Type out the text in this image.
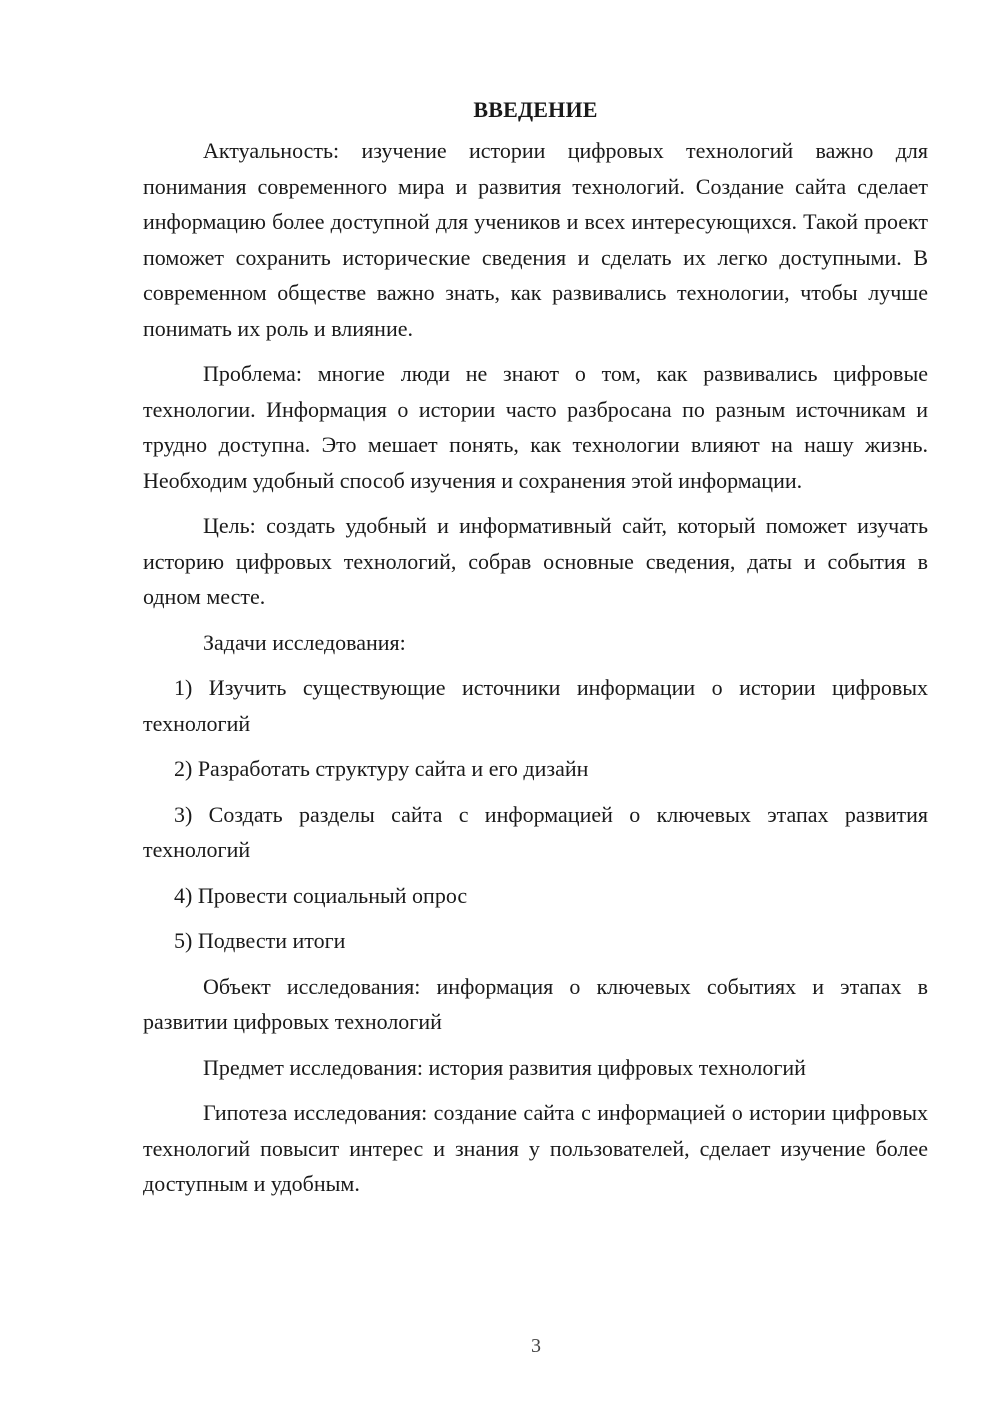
ВВЕДЕНИЕ

Актуальность: изучение истории цифровых технологий важно для понимания современного мира и развития технологий. Создание сайта сделает информацию более доступной для учеников и всех интересующихся. Такой проект поможет сохранить исторические сведения и сделать их легко доступными. В современном обществе важно знать, как развивались технологии, чтобы лучше понимать их роль и влияние.

Проблема: многие люди не знают о том, как развивались цифровые технологии. Информация о истории часто разбросана по разным источникам и трудно доступна. Это мешает понять, как технологии влияют на нашу жизнь. Необходим удобный способ изучения и сохранения этой информации.

Цель: создать удобный и информативный сайт, который поможет изучать историю цифровых технологий, собрав основные сведения, даты и события в одном месте.

Задачи исследования:

1) Изучить существующие источники информации о истории цифровых технологий

2) Разработать структуру сайта и его дизайн

3) Создать разделы сайта с информацией о ключевых этапах развития технологий

4) Провести социальный опрос

5) Подвести итоги

Объект исследования: информация о ключевых событиях и этапах в развитии цифровых технологий

Предмет исследования: история развития цифровых технологий

Гипотеза исследования: создание сайта с информацией о истории цифровых технологий повысит интерес и знания у пользователей, сделает изучение более доступным и удобным.

3
